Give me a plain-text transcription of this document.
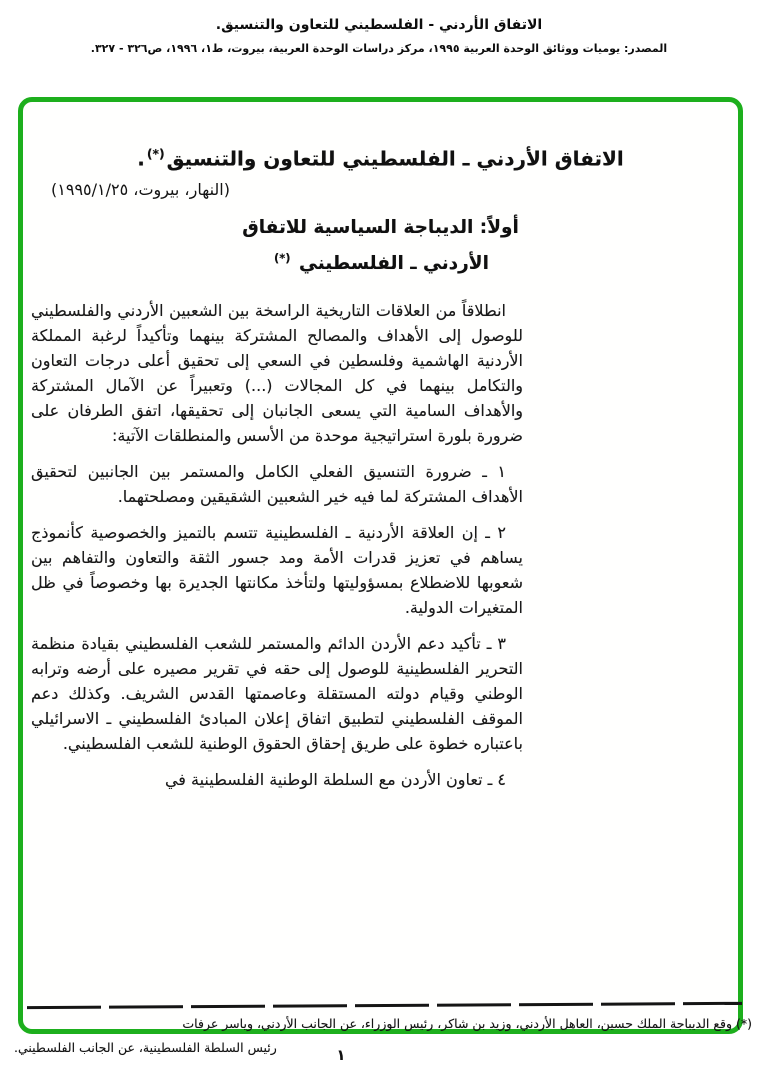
الاتفاق الأردني - الفلسطيني للتعاون والتنسيق.
المصدر: يوميات ووثائق الوحدة العربية ١٩٩٥، مركز دراسات الوحدة العربية، بيروت، ط١، ١٩٩٦، ص٣٢٦ - ٣٢٧.
الاتفاق الأردني ـ الفلسطيني للتعاون والتنسيق(*).
(النهار، بيروت، ١٩٩٥/١/٢٥)
أولاً: الديباجة السياسية للاتفاق
الأردني ـ الفلسطيني (*)

انطلاقاً من العلاقات التاريخية الراسخة بين الشعبين الأردني والفلسطيني للوصول إلى الأهداف والمصالح المشتركة بينهما وتأكيداً لرغبة المملكة الأردنية الهاشمية وفلسطين في السعي إلى تحقيق أعلى درجات التعاون والتكامل بينهما في كل المجالات (...) وتعبيراً عن الآمال المشتركة والأهداف السامية التي يسعى الجانبان إلى تحقيقها، اتفق الطرفان على ضرورة بلورة استراتيجية موحدة من الأسس والمنطلقات الآتية:

١ ـ ضرورة التنسيق الفعلي الكامل والمستمر بين الجانبين لتحقيق الأهداف المشتركة لما فيه خير الشعبين الشقيقين ومصلحتهما.

٢ ـ إن العلاقة الأردنية ـ الفلسطينية تتسم بالتميز والخصوصية كأنموذج يساهم في تعزيز قدرات الأمة ومد جسور الثقة والتعاون والتفاهم بين شعوبها للاضطلاع بمسؤوليتها ولتأخذ مكانتها الجديرة بها وخصوصاً في ظل المتغيرات الدولية.

٣ ـ تأكيد دعم الأردن الدائم والمستمر للشعب الفلسطيني بقيادة منظمة التحرير الفلسطينية للوصول إلى حقه في تقرير مصيره على أرضه وترابه الوطني وقيام دولته المستقلة وعاصمتها القدس الشريف. وكذلك دعم الموقف الفلسطيني لتطبيق اتفاق إعلان المبادئ الفلسطيني ـ الاسرائيلي باعتباره خطوة على طريق إحقاق الحقوق الوطنية للشعب الفلسطيني.

٤ ـ تعاون الأردن مع السلطة الوطنية الفلسطينية في

(*) وقع الديباجة الملك حسين، العاهل الأردني، وزيد بن شاكر، رئيس الوزراء، عن الجانب الأردني، وياسر عرفات
رئيس السلطة الفلسطينية، عن الجانب الفلسطيني.	١
